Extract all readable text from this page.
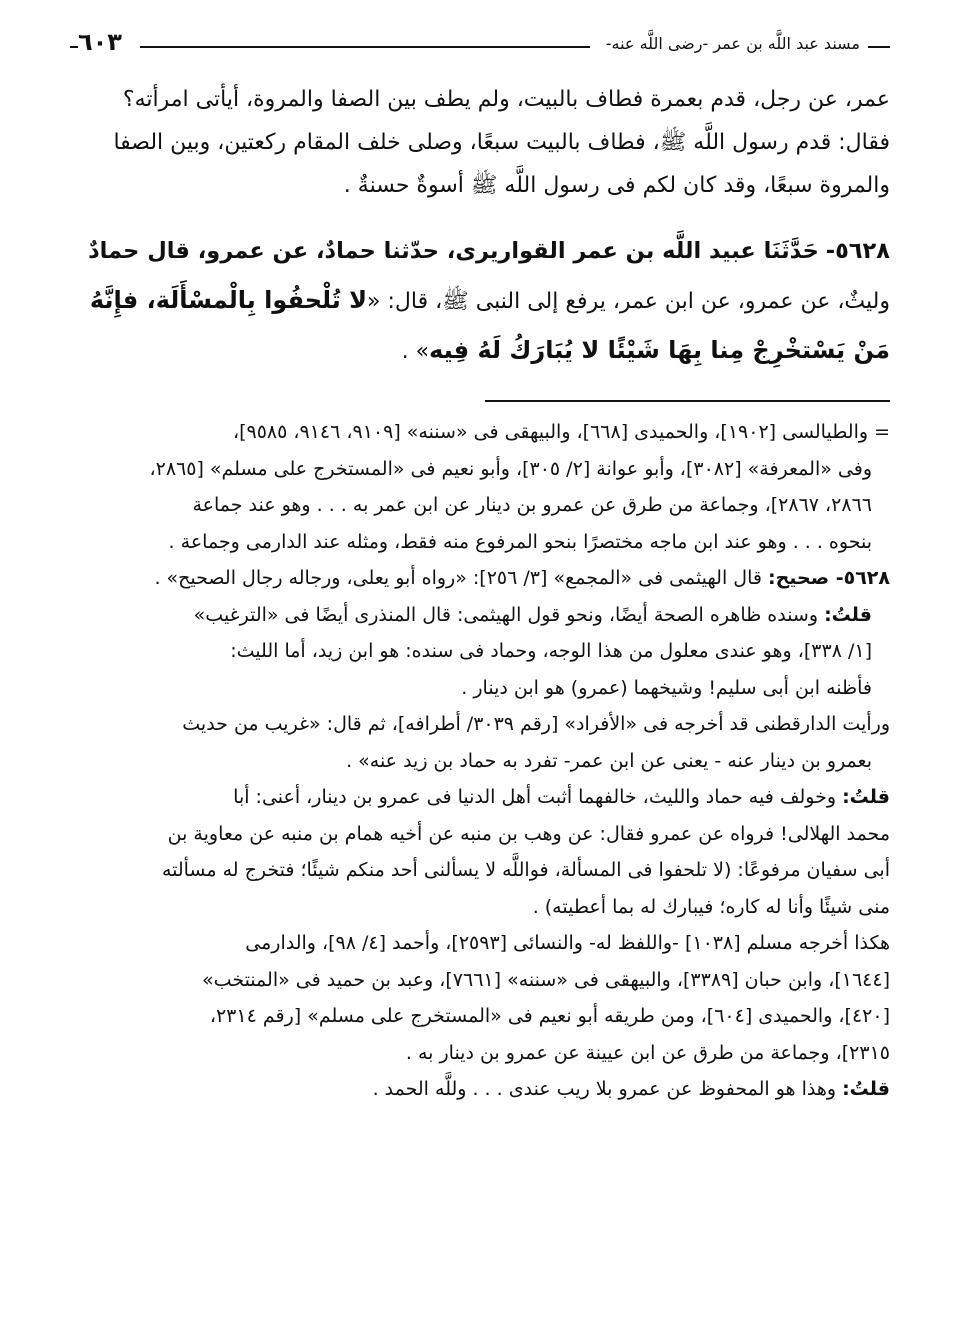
مسند عبد اللَّه بن عمر -رضى اللَّه عنه-
٦٠٣
عمر، عن رجل، قدم بعمرة فطاف بالبيت، ولم يطف بين الصفا والمروة، أيأتى امرأته؟
فقال: قدم رسول اللَّه ﷺ، فطاف بالبيت سبعًا، وصلى خلف المقام ركعتين، وبين الصفا
والمروة سبعًا، وقد كان لكم فى رسول اللَّه ﷺ أسوةٌ حسنةٌ .
٥٦٢٨- حَدَّثَنَا عبيد اللَّه بن عمر القواريرى، حدّثنا حمادٌ، عن عمرو، قال حمادٌ
وليثٌ، عن عمرو، عن ابن عمر، يرفع إلى النبى ﷺ، قال: «لا تُلْحفُوا بِالْمسْأَلَة، فإِنَّهُ
مَنْ يَسْتخْرِجْ مِنا بِهَا شَيْئًا لا يُبَارَكُ لَهُ فِيه» .
= والطيالسى [١٩٠٢]، والحميدى [٦٦٨]، والبيهقى فى «سننه» [٩١٠٩، ٩١٤٦، ٩٥٨٥]،
وفى «المعرفة» [٣٠٨٢]، وأبو عوانة [٢/ ٣٠٥]، وأبو نعيم فى «المستخرج على مسلم» [٢٨٦٥،
٢٨٦٦، ٢٨٦٧]، وجماعة من طرق عن عمرو بن دينار عن ابن عمر به . . . وهو عند جماعة
بنحوه . . . وهو عند ابن ماجه مختصرًا بنحو المرفوع منه فقط، ومثله عند الدارمى وجماعة .
٥٦٢٨- صحيح: قال الهيثمى فى «المجمع» [٣/ ٢٥٦]: «رواه أبو يعلى، ورجاله رجال الصحيح» .
قلتُ: وسنده ظاهره الصحة أيضًا، ونحو قول الهيثمى: قال المنذرى أيضًا فى «الترغيب»
[١/ ٣٣٨]، وهو عندى معلول من هذا الوجه، وحماد فى سنده: هو ابن زيد، أما الليث:
فأظنه ابن أبى سليم! وشيخهما (عمرو) هو ابن دينار .
ورأيت الدارقطنى قد أخرجه فى «الأفراد» [رقم ٣٠٣٩/ أطرافه]، ثم قال: «غريب من حديث
بعمرو بن دينار عنه - يعنى عن ابن عمر- تفرد به حماد بن زيد عنه» .
قلتُ: وخولف فيه حماد والليث، خالفهما أثبت أهل الدنيا فى عمرو بن دينار، أعنى: أبا
محمد الهلالى! فرواه عن عمرو فقال: عن وهب بن منبه عن أخيه همام بن منبه عن معاوية بن
أبى سفيان مرفوعًا: (لا تلحفوا فى المسألة، فواللَّه لا يسألنى أحد منكم شيئًا؛ فتخرج له مسألته
منى شيئًا وأنا له كاره؛ فيبارك له بما أعطيته) .
هكذا أخرجه مسلم [١٠٣٨] -واللفظ له- والنسائى [٢٥٩٣]، وأحمد [٤/ ٩٨]، والدارمى
[١٦٤٤]، وابن حبان [٣٣٨٩]، والبيهقى فى «سننه» [٧٦٦١]، وعبد بن حميد فى «المنتخب»
[٤٢٠]، والحميدى [٦٠٤]، ومن طريقه أبو نعيم فى «المستخرج على مسلم» [رقم ٢٣١٤،
٢٣١٥]، وجماعة من طرق عن ابن عيينة عن عمرو بن دينار به .
قلتُ: وهذا هو المحفوظ عن عمرو بلا ريب عندى . . . وللَّه الحمد .
